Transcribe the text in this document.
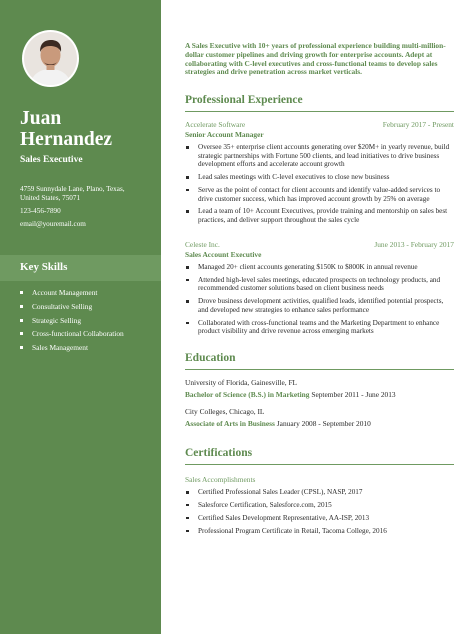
Juan
Hernandez
Sales Executive
4759 Sunnydale Lane, Plano, Texas, United States, 75071
123-456-7890
email@youremail.com
Key Skills
Account Management
Consultative Selling
Strategic Selling
Cross-functional Collaboration
Sales Management
A Sales Executive with 10+ years of professional experience building multi-million-dollar customer pipelines and driving growth for enterprise accounts. Adept at collaborating with C-level executives and cross-functional teams to develop sales strategies and drive penetration across market verticals.
Professional Experience
Accelerate Software	February 2017 - Present
Senior Account Manager
Oversee 35+ enterprise client accounts generating over $20M+ in yearly revenue, build strategic partnerships with Fortune 500 clients, and lead initiatives to drive business development efforts and accelerate account growth
Lead sales meetings with C-level executives to close new business
Serve as the point of contact for client accounts and identify value-added services to drive customer success, which has improved account growth by 25% on average
Lead a team of 10+ Account Executives, provide training and mentorship on sales best practices, and deliver support throughout the sales cycle
Celeste Inc.	June 2013 - February 2017
Sales Account Executive
Managed 20+ client accounts generating $150K to $800K in annual revenue
Attended high-level sales meetings, educated prospects on technology products, and recommended customer solutions based on client business needs
Drove business development activities, qualified leads, identified potential prospects, and developed new strategies to enhance sales performance
Collaborated with cross-functional teams and the Marketing Department to enhance product visibility and drive revenue across emerging markets
Education
University of Florida, Gainesville, FL
Bachelor of Science (B.S.) in Marketing September 2011 - June 2013
City Colleges, Chicago, IL
Associate of Arts in Business January 2008 - September 2010
Certifications
Sales Accomplishments
Certified Professional Sales Leader (CPSL), NASP, 2017
Salesforce Certification, Salesforce.com, 2015
Certified Sales Development Representative, AA-ISP, 2013
Professional Program Certificate in Retail, Tacoma College, 2016
